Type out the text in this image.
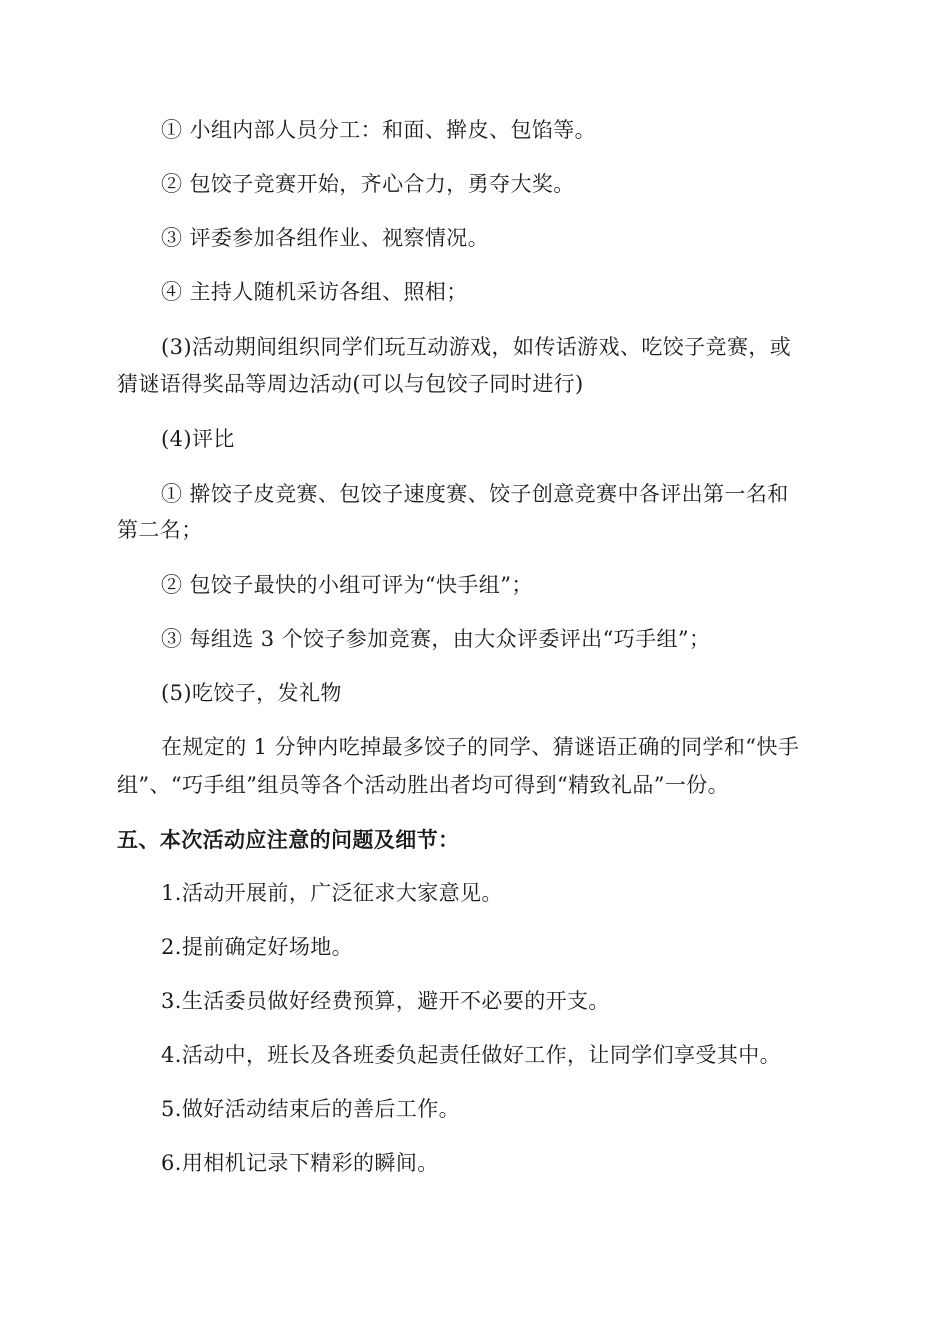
① 小组内部人员分工：和面、擀皮、包馅等。
② 包饺子竞赛开始，齐心合力，勇夺大奖。
③ 评委参加各组作业、视察情况。
④ 主持人随机采访各组、照相；
(3)活动期间组织同学们玩互动游戏，如传话游戏、吃饺子竞赛，或
猜谜语得奖品等周边活动(可以与包饺子同时进行)
(4)评比
① 擀饺子皮竞赛、包饺子速度赛、饺子创意竞赛中各评出第一名和
第二名；
② 包饺子最快的小组可评为“快手组”；
③ 每组选 3 个饺子参加竞赛，由大众评委评出“巧手组”；
(5)吃饺子，发礼物
在规定的 1 分钟内吃掉最多饺子的同学、猜谜语正确的同学和“快手
组”、“巧手组”组员等各个活动胜出者均可得到“精致礼品”一份。
五、本次活动应注意的问题及细节：
1.活动开展前，广泛征求大家意见。
2.提前确定好场地。
3.生活委员做好经费预算，避开不必要的开支。
4.活动中，班长及各班委负起责任做好工作，让同学们享受其中。
5.做好活动结束后的善后工作。
6.用相机记录下精彩的瞬间。
